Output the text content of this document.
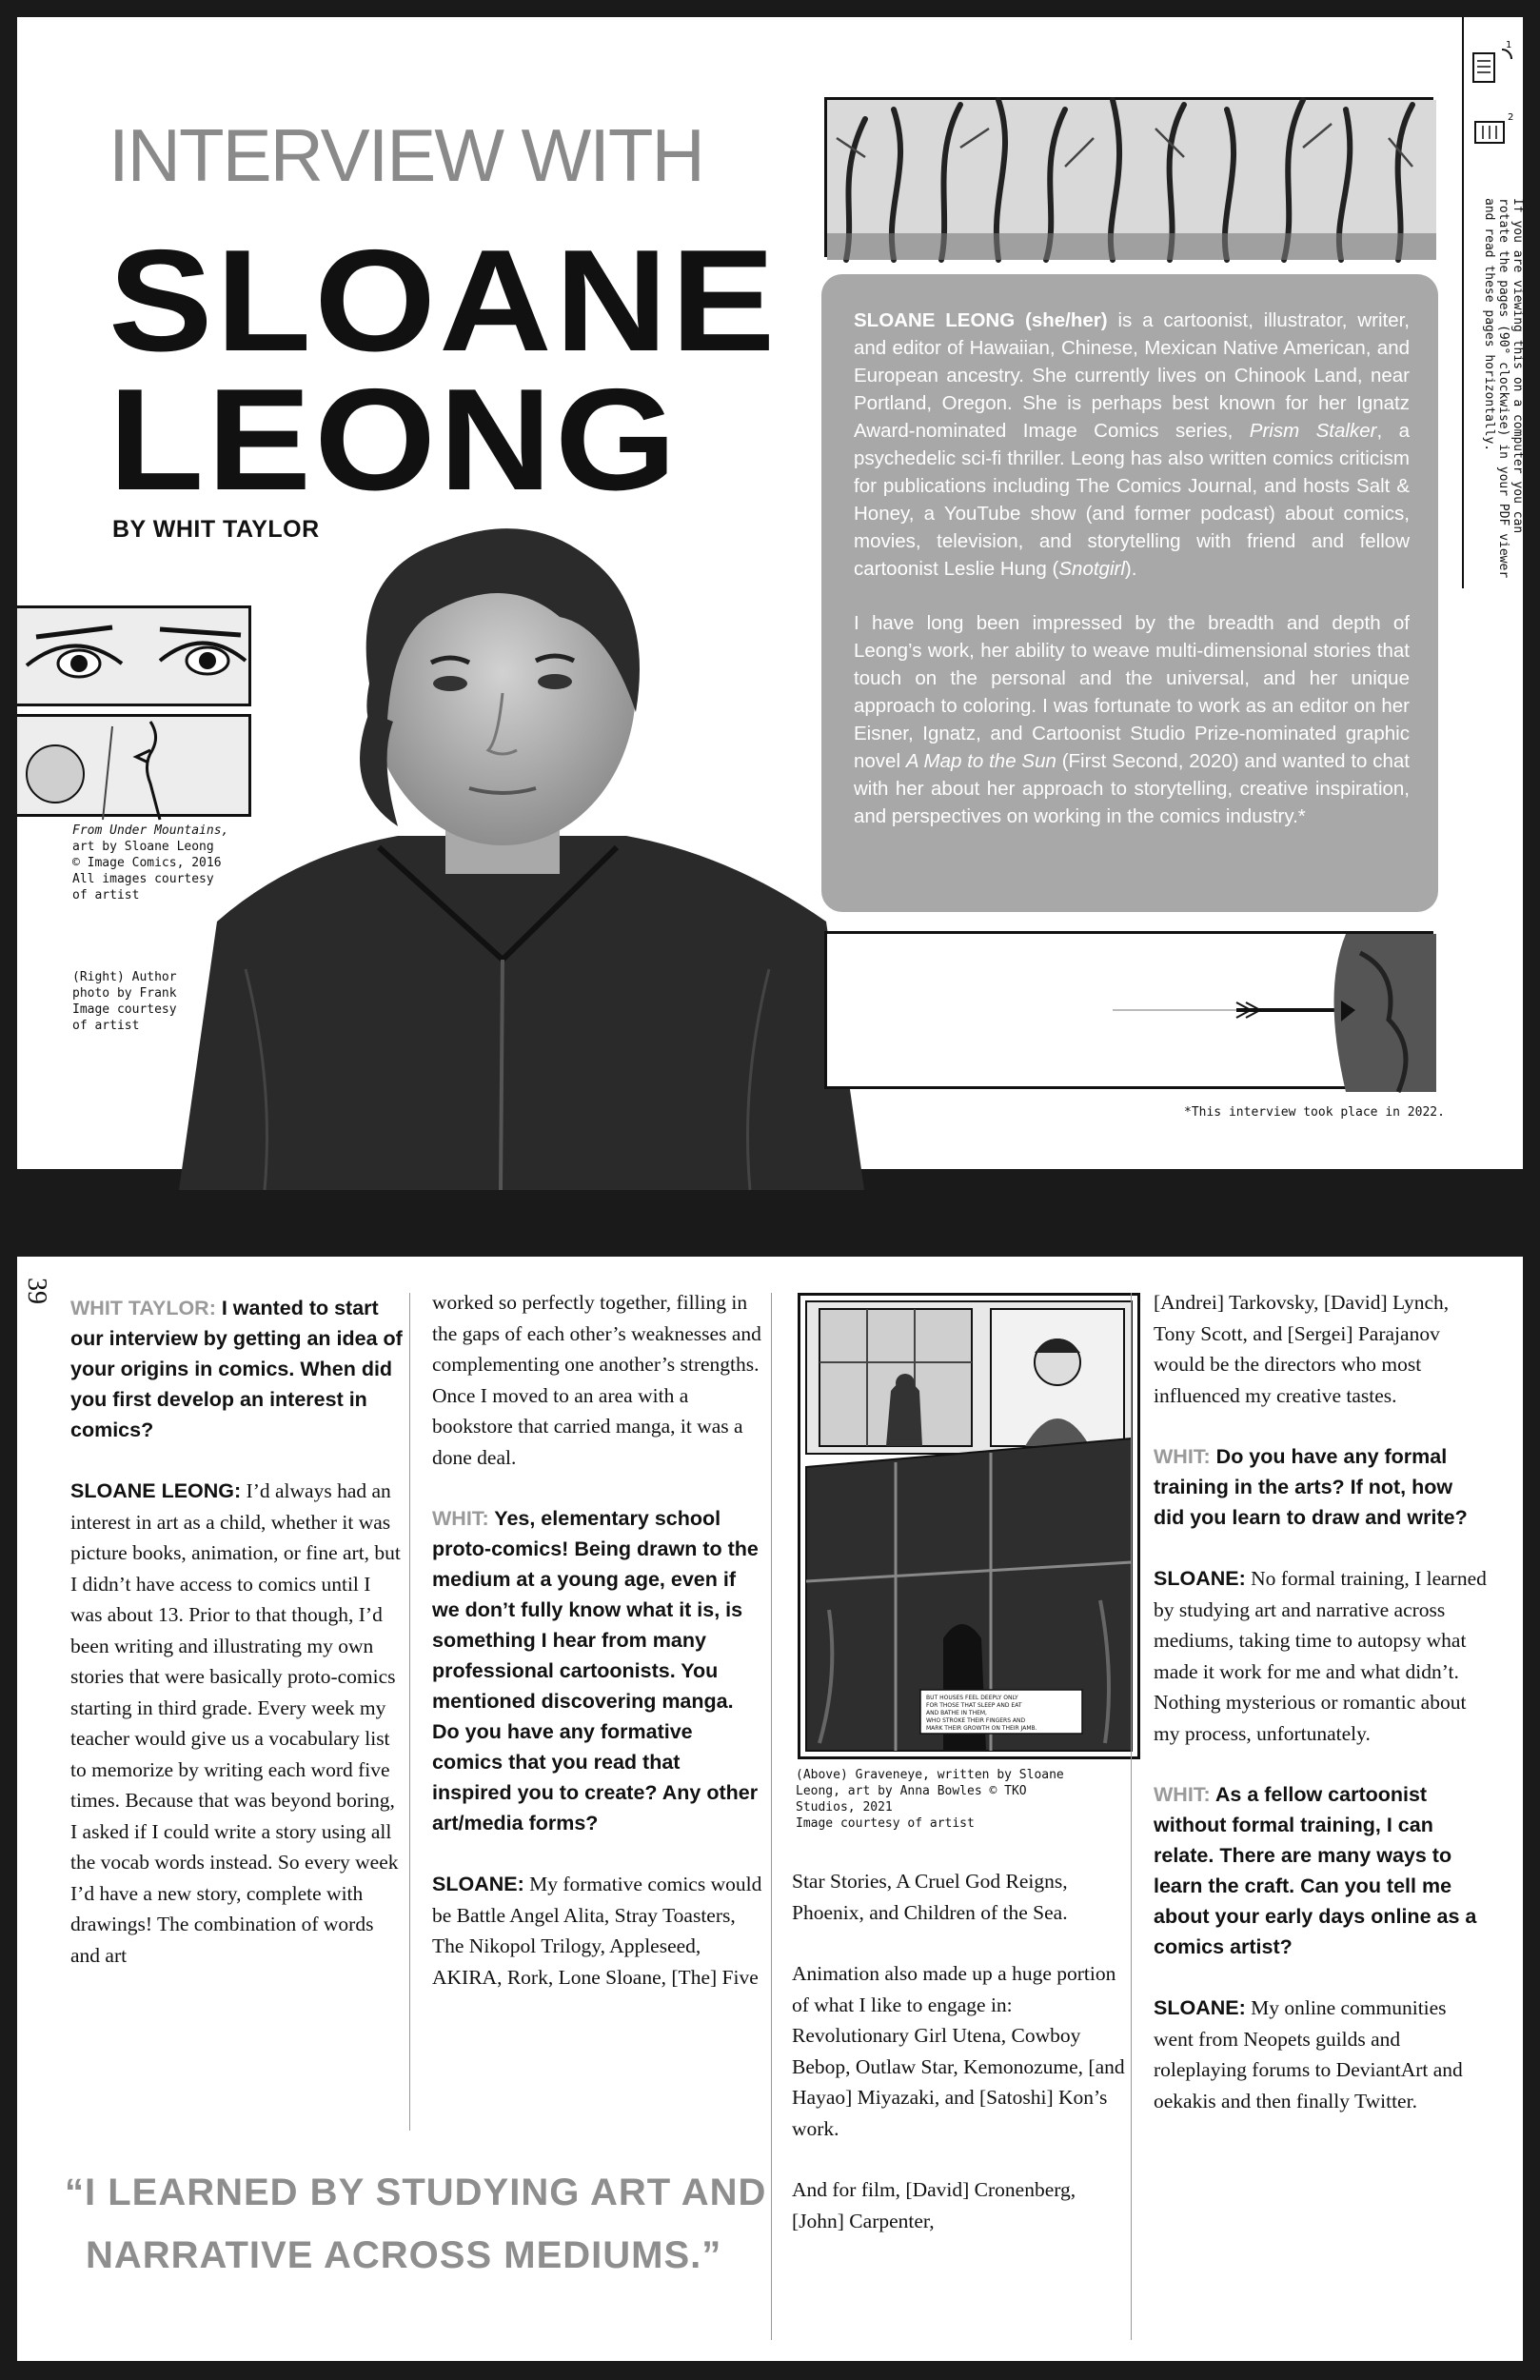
INTERVIEW WITH
SLOANE
LEONG
BY WHIT TAYLOR

SLOANE LEONG (she/her) is a cartoonist, illustrator, writer, and editor of Hawaiian, Chinese, Mexican Native American, and European ancestry. She currently lives on Chinook Land, near Portland, Oregon. She is perhaps best known for her Ignatz Award-nominated Image Comics series, Prism Stalker, a psychedelic sci-fi thriller. Leong has also written comics criticism for publications including The Comics Journal, and hosts Salt & Honey, a YouTube show (and former podcast) about comics, movies, television, and storytelling with friend and fellow cartoonist Leslie Hung (Snotgirl).

I have long been impressed by the breadth and depth of Leong’s work, her ability to weave multi-dimensional stories that touch on the personal and the universal, and her unique approach to coloring. I was fortunate to work as an editor on her Eisner, Ignatz, and Cartoonist Studio Prize-nominated graphic novel A Map to the Sun (First Second, 2020) and wanted to chat with her about her approach to storytelling, creative inspiration, and perspectives on working in the comics industry.*

1
2
If you are viewing this on a computer you can rotate the pages (90° clockwise) in your PDF viewer and read these pages horizontally.
From Under Mountains,
art by Sloane Leong
© Image Comics, 2016
All images courtesy
of artist
(Right) Author
photo by Frank
Image courtesy
of artist
*This interview took place in 2022.
39
WHIT TAYLOR: I wanted to start our interview by getting an idea of your origins in comics. When did you first develop an interest in comics?
SLOANE LEONG: I’d always had an interest in art as a child, whether it was picture books, animation, or fine art, but I didn’t have access to comics until I was about 13. Prior to that though, I’d been writing and illustrating my own stories that were basically proto-comics starting in third grade. Every week my teacher would give us a vocabulary list to memorize by writing each word five times. Because that was beyond boring, I asked if I could write a story using all the vocab words instead. So every week I’d have a new story, complete with drawings! The combination of words and art
worked so perfectly together, filling in the gaps of each other’s weaknesses and complementing one another’s strengths. Once I moved to an area with a bookstore that carried manga, it was a done deal.
WHIT: Yes, elementary school proto-comics! Being drawn to the medium at a young age, even if we don’t fully know what it is, is something I hear from many professional cartoonists. You mentioned discovering manga. Do you have any formative comics that you read that inspired you to create? Any other art/media forms?
SLOANE: My formative comics would be Battle Angel Alita, Stray Toasters, The Nikopol Trilogy, Appleseed, AKIRA, Rork, Lone Sloane, [The] Five
BUT HOUSES FEEL DEEPLY ONLY FOR THOSE THAT SLEEP AND EAT AND BATHE IN THEM, WHO STROKE THEIR FINGERS AND MARK THEIR GROWTH ON THEIR JAMB.
(Above) Graveneye, written by Sloane
Leong, art by Anna Bowles © TKO
Studios, 2021
Image courtesy of artist
Star Stories, A Cruel God Reigns, Phoenix, and Children of the Sea.
Animation also made up a huge portion of what I like to engage in: Revolutionary Girl Utena, Cowboy Bebop, Outlaw Star, Kemonozume, [and Hayao] Miyazaki, and [Satoshi] Kon’s work.
And for film, [David] Cronenberg, [John] Carpenter,
[Andrei] Tarkovsky, [David] Lynch, Tony Scott, and [Sergei] Parajanov would be the directors who most influenced my creative tastes.
WHIT: Do you have any formal training in the arts? If not, how did you learn to draw and write?
SLOANE: No formal training, I learned by studying art and narrative across mediums, taking time to autopsy what made it work for me and what didn’t. Nothing mysterious or romantic about my process, unfortunately.
WHIT: As a fellow cartoonist without formal training, I can relate. There are many ways to learn the craft. Can you tell me about your early days online as a comics artist?
SLOANE: My online communities went from Neopets guilds and roleplaying forums to DeviantArt and oekakis and then finally Twitter.
“I LEARNED BY STUDYING ART AND
NARRATIVE ACROSS MEDIUMS.”
